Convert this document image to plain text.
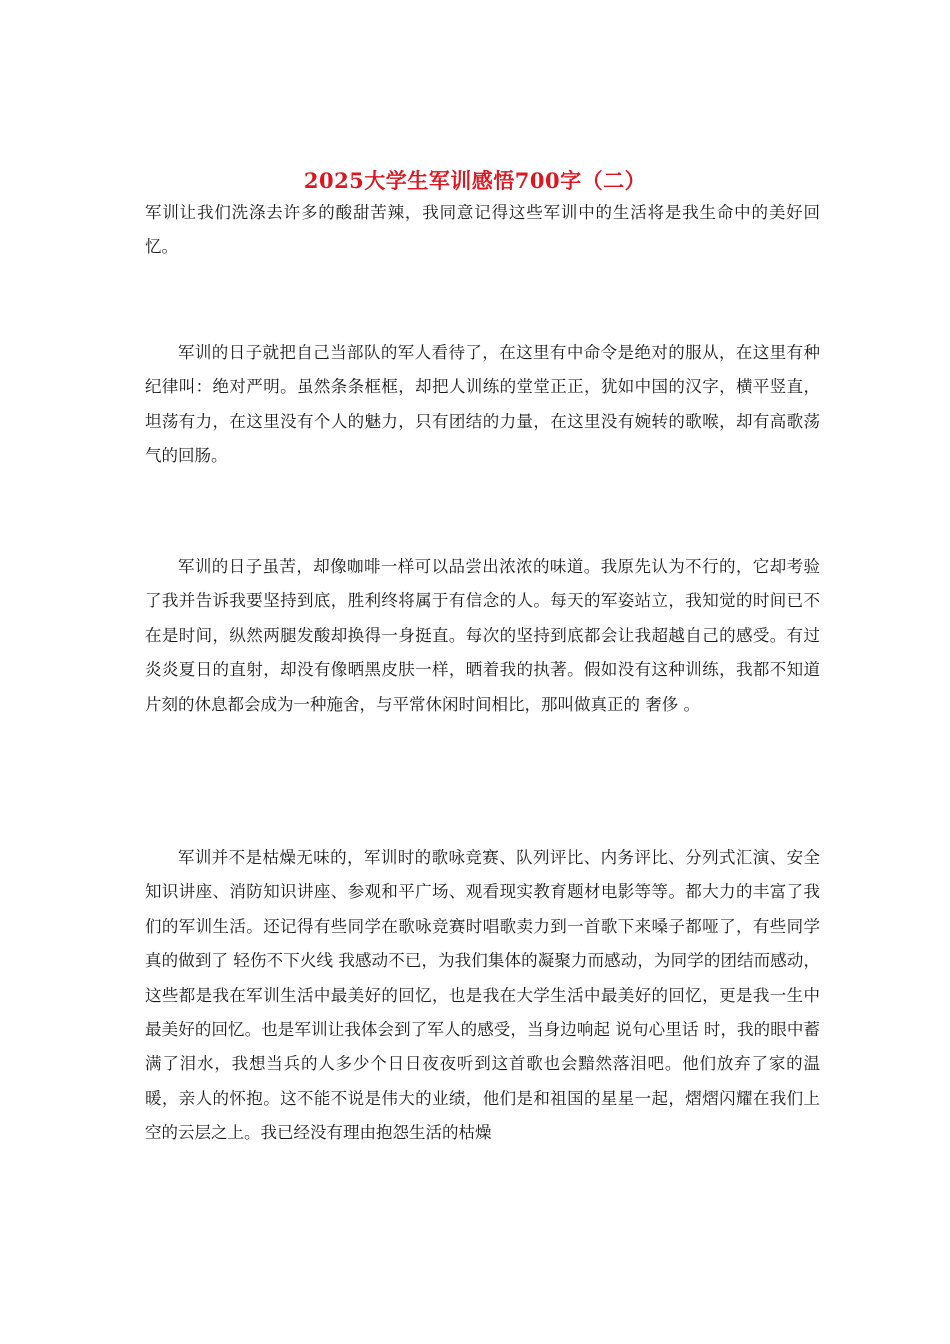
2025大学生军训感悟700字（二）

军训让我们洗涤去许多的酸甜苦辣，我同意记得这些军训中的生活将是我生命中的美好回忆。

军训的日子就把自己当部队的军人看待了，在这里有中命令是绝对的服从，在这里有种纪律叫：绝对严明。虽然条条框框，却把人训练的堂堂正正，犹如中国的汉字，横平竖直，坦荡有力，在这里没有个人的魅力，只有团结的力量，在这里没有婉转的歌喉，却有高歌荡气的回肠。

军训的日子虽苦，却像咖啡一样可以品尝出浓浓的味道。我原先认为不行的，它却考验了我并告诉我要坚持到底，胜利终将属于有信念的人。每天的军姿站立，我知觉的时间已不在是时间，纵然两腿发酸却换得一身挺直。每次的坚持到底都会让我超越自己的感受。有过炎炎夏日的直射，却没有像晒黑皮肤一样，晒着我的执著。假如没有这种训练，我都不知道片刻的休息都会成为一种施舍，与平常休闲时间相比，那叫做真正的 奢侈 。

军训并不是枯燥无味的，军训时的歌咏竞赛、队列评比、内务评比、分列式汇演、安全知识讲座、消防知识讲座、参观和平广场、观看现实教育题材电影等等。都大力的丰富了我们的军训生活。还记得有些同学在歌咏竞赛时唱歌卖力到一首歌下来嗓子都哑了，有些同学真的做到了 轻伤不下火线 我感动不已，为我们集体的凝聚力而感动，为同学的团结而感动，这些都是我在军训生活中最美好的回忆，也是我在大学生活中最美好的回忆，更是我一生中最美好的回忆。也是军训让我体会到了军人的感受，当身边响起 说句心里话 时，我的眼中蓄满了泪水，我想当兵的人多少个日日夜夜听到这首歌也会黯然落泪吧。他们放弃了家的温暖，亲人的怀抱。这不能不说是伟大的业绩，他们是和祖国的星星一起，熠熠闪耀在我们上空的云层之上。我已经没有理由抱怨生活的枯燥
